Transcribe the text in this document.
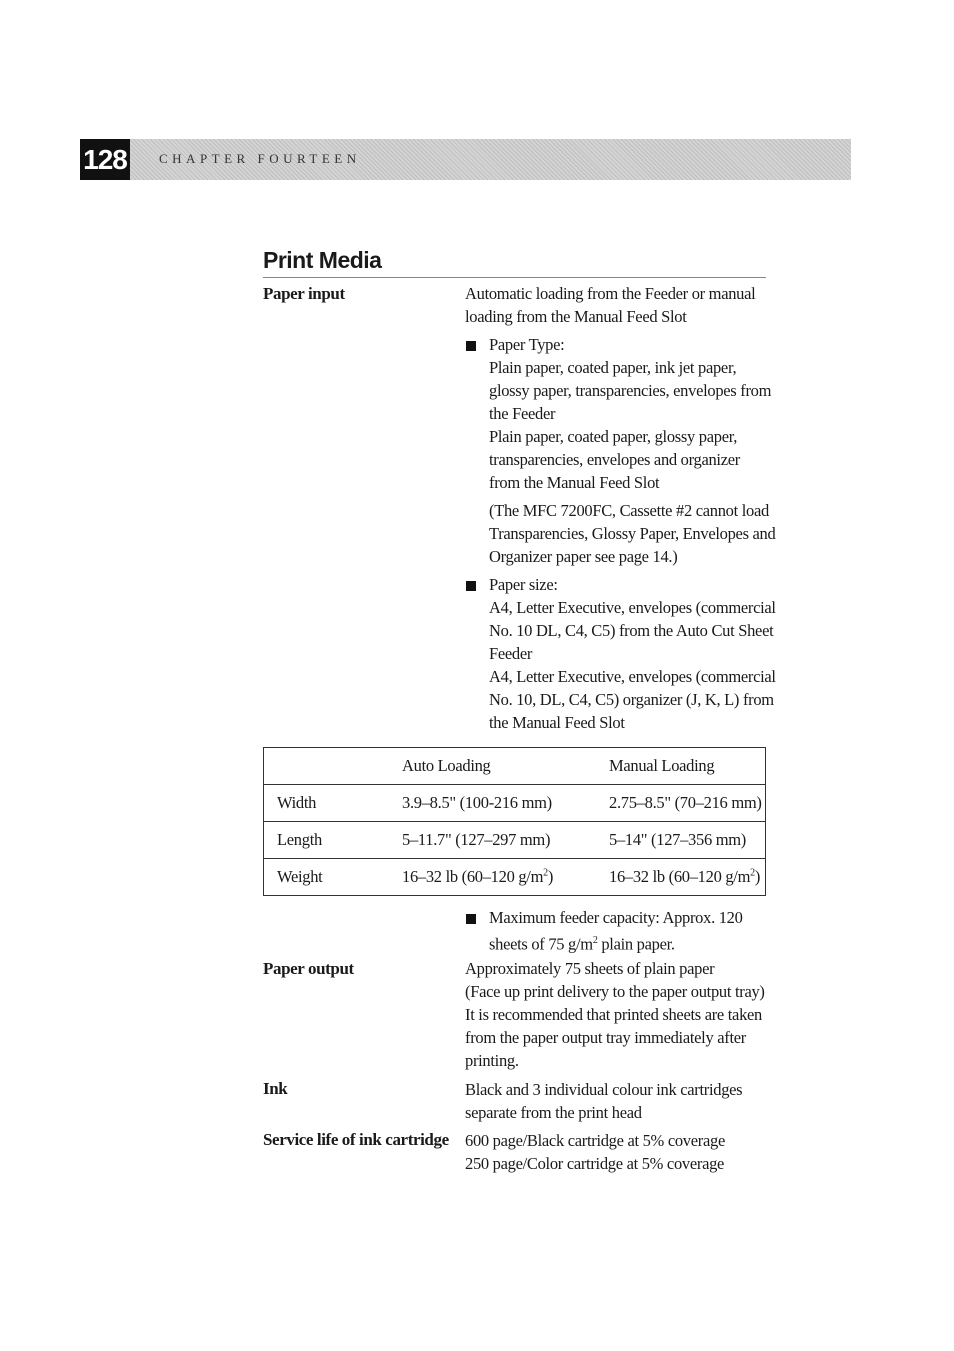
128 CHAPTER FOURTEEN
Print Media
Paper input	Automatic loading from the Feeder or manual
loading from the Manual Feed Slot
Paper Type:
Plain paper, coated paper, ink jet paper,
glossy paper, transparencies, envelopes from
the Feeder
Plain paper, coated paper, glossy paper,
transparencies, envelopes and organizer
from the Manual Feed Slot
(The MFC 7200FC, Cassette #2 cannot load
Transparencies, Glossy Paper, Envelopes and
Organizer paper see page 14.)
Paper size:
A4, Letter Executive, envelopes (commercial
No. 10 DL, C4, C5) from the Auto Cut Sheet
Feeder
A4, Letter Executive, envelopes (commercial
No. 10, DL, C4, C5) organizer (J, K, L) from
the Manual Feed Slot
	Auto Loading	Manual Loading
Width	3.9–8.5" (100-216 mm)	2.75–8.5" (70–216 mm)
Length	5–11.7" (127–297 mm)	5–14" (127–356 mm)
Weight	16–32 lb (60–120 $g/m^2$)	16–32 lb (60–120 $g/m^2$)
Maximum feeder capacity: Approx. 120
sheets of 75 $g/m^2$ plain paper.
Paper output	Approximately 75 sheets of plain paper
(Face up print delivery to the paper output tray)
It is recommended that printed sheets are taken
from the paper output tray immediately after
printing.
Ink	Black and 3 individual colour ink cartridges
separate from the print head
Service life of ink cartridge 600 page/Black cartridge at 5% coverage
250 page/Color cartridge at 5% coverage
